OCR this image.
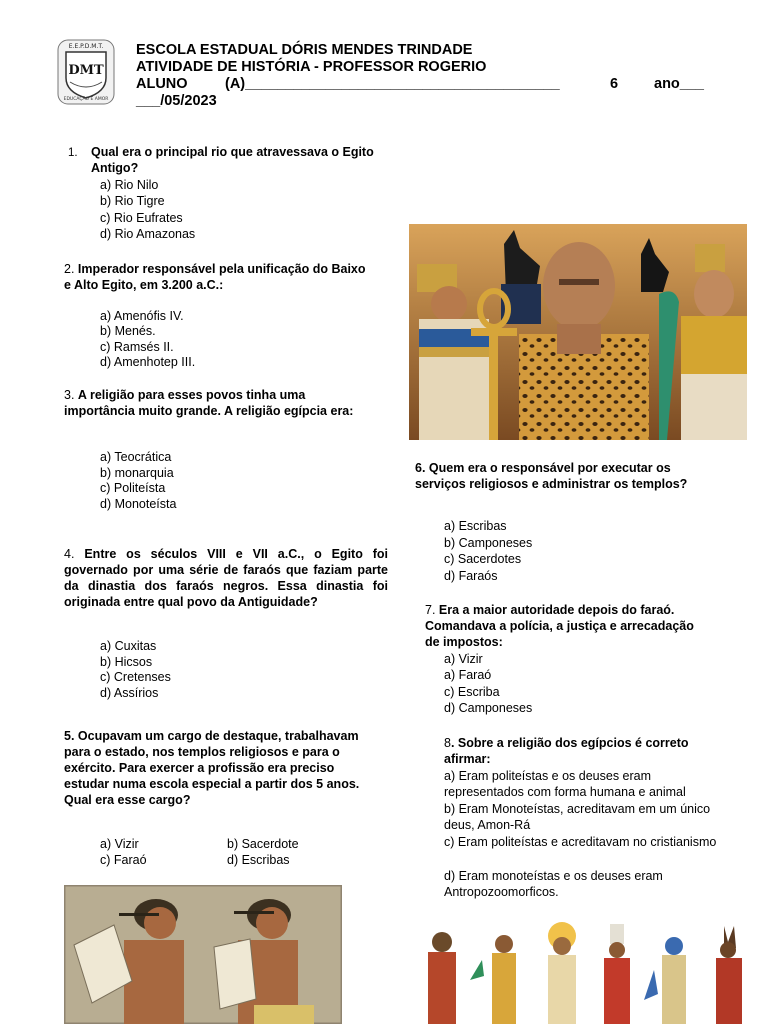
E.E.P.D.M.T.
DMT
EDUCAÇÃO E AMOR
ESCOLA ESTADUAL DÓRIS MENDES TRINDADE
ATIVIDADE DE HISTÓRIA - PROFESSOR ROGERIO
ALUNO	(A)_______________________________________	6 ano___
___/05/2023
1. Qual era o principal rio que atravessava o Egito Antigo?
a) Rio Nilo
b) Rio Tigre
c) Rio Eufrates
d) Rio Amazonas
2. Imperador responsável pela unificação do Baixo e Alto Egito, em 3.200 a.C.:
a) Amenófis IV.
b) Menés.
c) Ramsés II.
d) Amenhotep III.
3. A religião para esses povos tinha uma importância muito grande. A religião egípcia era:
a) Teocrática
b) monarquia
c) Politeísta
d) Monoteísta
4. Entre os séculos VIII e VII a.C., o Egito foi governado por uma série de faraós que faziam parte da dinastia dos faraós negros. Essa dinastia foi originada entre qual povo da Antiguidade?
a) Cuxitas
b) Hicsos
c) Cretenses
d) Assírios
5. Ocupavam um cargo de destaque, trabalhavam para o estado, nos templos religiosos e para o exército. Para exercer a profissão era preciso estudar numa escola especial a partir dos 5 anos. Qual era esse cargo?
a) Vizir	b) Sacerdote
c) Faraó	d) Escribas
6. Quem era o responsável por executar os serviços religiosos e administrar os templos?
a) Escribas
b) Camponeses
c) Sacerdotes
d) Faraós
7. Era a maior autoridade depois do faraó. Comandava a polícia, a justiça e arrecadação de impostos:
a) Vizir
a) Faraó
c) Escriba
d) Camponeses
8. Sobre a religião dos egípcios é correto afirmar:
a) Eram politeístas e os deuses eram representados com forma humana e animal
b) Eram Monoteístas, acreditavam em um único deus, Amon-Rá
c) Eram politeístas e acreditavam no cristianismo
d) Eram monoteístas e os deuses eram Antropozoomorficos.
